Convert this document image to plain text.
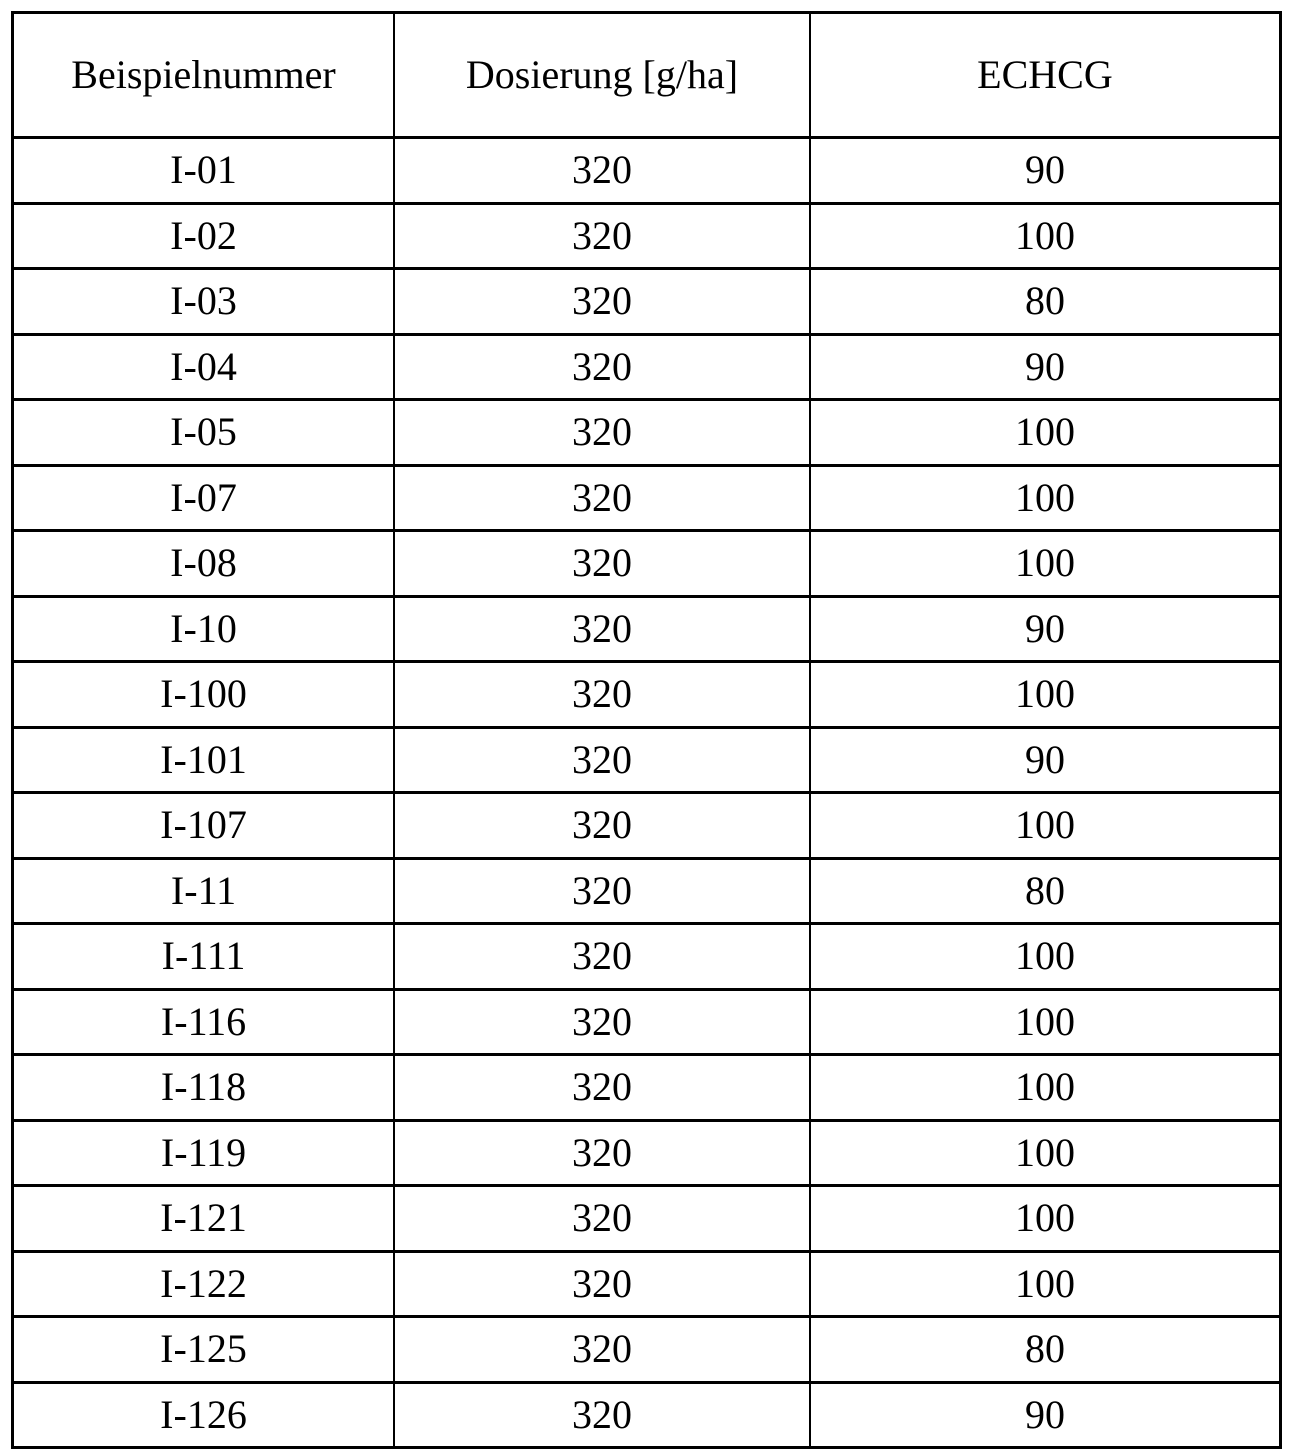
Beispielnummer	Dosierung [g/ha]	ECHCG
I-01	320	90
I-02	320	100
I-03	320	80
I-04	320	90
I-05	320	100
I-07	320	100
I-08	320	100
I-10	320	90
I-100	320	100
I-101	320	90
I-107	320	100
I-11	320	80
I-111	320	100
I-116	320	100
I-118	320	100
I-119	320	100
I-121	320	100
I-122	320	100
I-125	320	80
I-126	320	90
